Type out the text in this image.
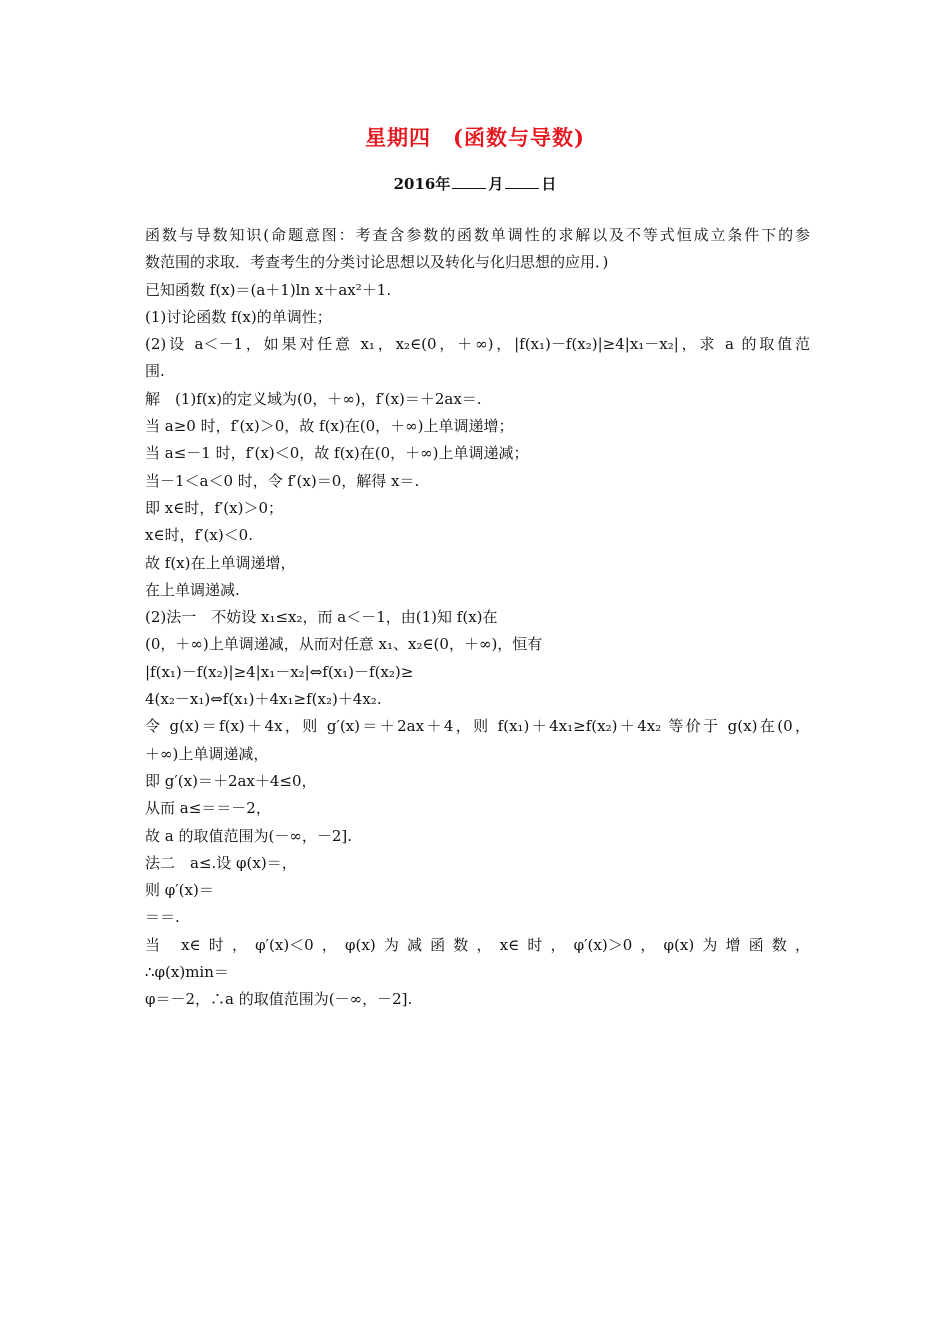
星期四　(函数与导数)
2016年	月	日
函数与导数知识(命题意图：考查含参数的函数单调性的求解以及不等式恒成立条件下的参
数范围的求取．考查考生的分类讨论思想以及转化与化归思想的应用．)
已知函数 f(x)＝(a＋1)ln x＋ax²＋1.
(1)讨论函数 f(x)的单调性；
(2)设 a＜－1，如果对任意 x₁，x₂∈(0，＋∞)，|f(x₁)－f(x₂)|≥4|x₁－x₂|，求 a 的取值范
围.
解　(1)f(x)的定义域为(0，＋∞)，f′(x)＝＋2ax＝.
当 a≥0 时，f′(x)＞0，故 f(x)在(0，＋∞)上单调递增；
当 a≤－1 时，f′(x)＜0，故 f(x)在(0，＋∞)上单调递减；
当－1＜a＜0 时，令 f′(x)＝0，解得 x＝.
即 x∈时，f′(x)＞0；
x∈时，f′(x)＜0.
故 f(x)在上单调递增，
在上单调递减.
(2)法一　不妨设 x₁≤x₂，而 a＜－1，由(1)知 f(x)在
(0，＋∞)上单调递减，从而对任意 x₁、x₂∈(0，＋∞)，恒有
|f(x₁)－f(x₂)|≥4|x₁－x₂|⇔f(x₁)－f(x₂)≥
4(x₂－x₁)⇔f(x₁)＋4x₁≥f(x₂)＋4x₂.
令 g(x)＝f(x)＋4x，则 g′(x)＝＋2ax＋4，则 f(x₁)＋4x₁≥f(x₂)＋4x₂ 等价于 g(x)在(0，
＋∞)上单调递减，
即 g′(x)＝＋2ax＋4≤0，
从而 a≤＝＝－2，
故 a 的取值范围为(－∞，－2].
法二　a≤.设 φ(x)＝，
则 φ′(x)＝
＝＝.
当 x∈时，φ′(x)＜0，φ(x)为减函数，x∈时，φ′(x)＞0，φ(x)为增函数，
∴φ(x)min＝
φ＝－2，∴a 的取值范围为(－∞，－2].
